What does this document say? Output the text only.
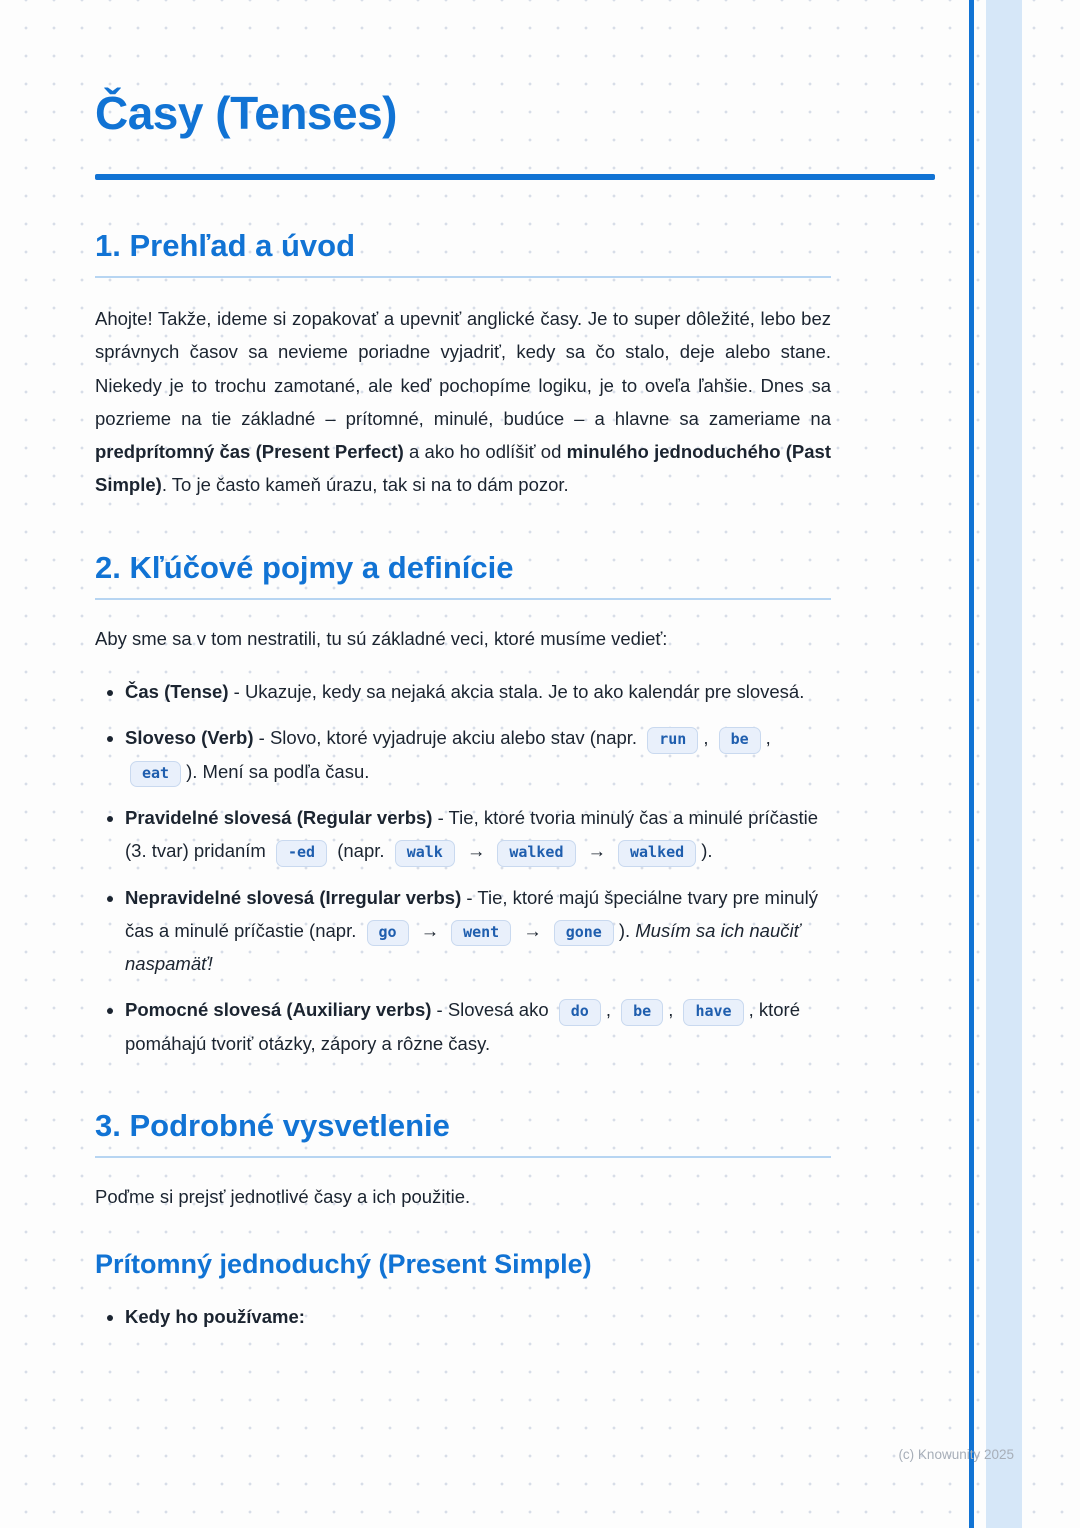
Časy (Tenses)
1. Prehľad a úvod

Ahojte! Takže, ideme si zopakovať a upevniť anglické časy. Je to super dôležité, lebo bez správnych časov sa nevieme poriadne vyjadriť, kedy sa čo stalo, deje alebo stane. Niekedy je to trochu zamotané, ale keď pochopíme logiku, je to oveľa ľahšie. Dnes sa pozrieme na tie základné – prítomné, minulé, budúce – a hlavne sa zameriame na predprítomný čas (Present Perfect) a ako ho odlíšiť od minulého jednoduchého (Past Simple). To je často kameň úrazu, tak si na to dám pozor.

2. Kľúčové pojmy a definície

Aby sme sa v tom nestratili, tu sú základné veci, ktoré musíme vedieť:

• Čas (Tense) - Ukazuje, kedy sa nejaká akcia stala. Je to ako kalendár pre slovesá.
• Sloveso (Verb) - Slovo, ktoré vyjadruje akciu alebo stav (napr. run , be , eat ). Mení sa podľa času.
• Pravidelné slovesá (Regular verbs) - Tie, ktoré tvoria minulý čas a minulé príčastie (3. tvar) pridaním -ed (napr. walk → walked → walked ).
• Nepravidelné slovesá (Irregular verbs) - Tie, ktoré majú špeciálne tvary pre minulý čas a minulé príčastie (napr. go → went → gone ). Musím sa ich naučiť naspamäť!
• Pomocné slovesá (Auxiliary verbs) - Slovesá ako do , be , have , ktoré pomáhajú tvoriť otázky, zápory a rôzne časy.
3. Podrobné vysvetlenie

Poďme si prejsť jednotlivé časy a ich použitie.

Prítomný jednoduchý (Present Simple)
• Kedy ho používame:
(c) Knowunity 2025
